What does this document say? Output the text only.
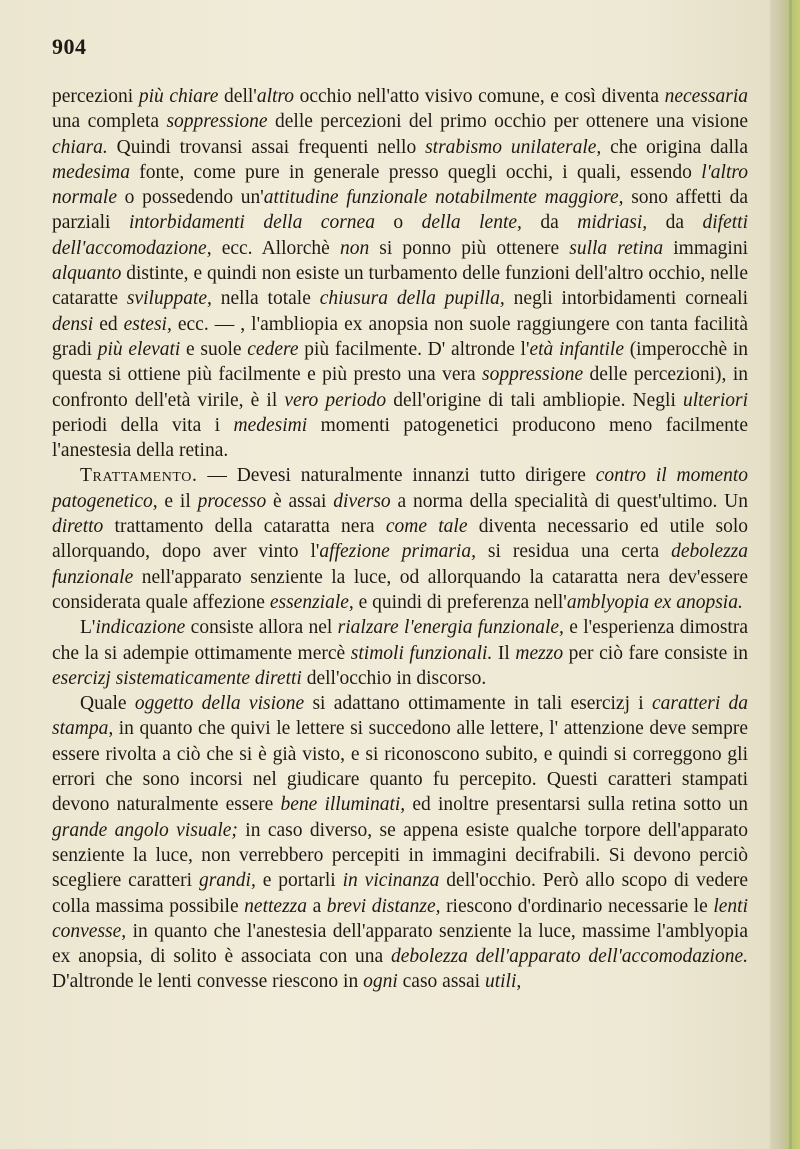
904

percezioni più chiare dell'altro occhio nell'atto visivo comune, e così diventa necessaria una completa soppressione delle percezioni del primo occhio per ottenere una visione chiara. Quindi trovansi assai frequenti nello strabismo unilaterale, che origina dalla medesima fonte, come pure in generale presso quegli occhi, i quali, essendo l'altro normale o possedendo un'attitudine funzionale notabilmente maggiore, sono affetti da parziali intorbidamenti della cornea o della lente, da midriasi, da difetti dell'accomodazione, ecc. Allorchè non si ponno più ottenere sulla retina immagini alquanto distinte, e quindi non esiste un turbamento delle funzioni dell'altro occhio, nelle cataratte sviluppate, nella totale chiusura della pupilla, negli intorbidamenti corneali densi ed estesi, ecc. — , l'ambliopia ex anopsia non suole raggiungere con tanta facilità gradi più elevati e suole cedere più facilmente. D' altronde l'età infantile (imperocchè in questa si ottiene più facilmente e più presto una vera soppressione delle percezioni), in confronto dell'età virile, è il vero periodo dell'origine di tali ambliopie. Negli ulteriori periodi della vita i medesimi momenti patogenetici producono meno facilmente l'anestesia della retina.

Trattamento. — Devesi naturalmente innanzi tutto dirigere contro il momento patogenetico, e il processo è assai diverso a norma della specialità di quest'ultimo. Un diretto trattamento della cataratta nera come tale diventa necessario ed utile solo allorquando, dopo aver vinto l'affezione primaria, si residua una certa debolezza funzionale nell'apparato senziente la luce, od allorquando la cataratta nera dev'essere considerata quale affezione essenziale, e quindi di preferenza nell'amblyopia ex anopsia.

L'indicazione consiste allora nel rialzare l'energia funzionale, e l'esperienza dimostra che la si adempie ottimamente mercè stimoli funzionali. Il mezzo per ciò fare consiste in esercizj sistematicamente diretti dell'occhio in discorso.

Quale oggetto della visione si adattano ottimamente in tali esercizj i caratteri da stampa, in quanto che quivi le lettere si succedono alle lettere, l' attenzione deve sempre essere rivolta a ciò che si è già visto, e si riconoscono subito, e quindi si correggono gli errori che sono incorsi nel giudicare quanto fu percepito. Questi caratteri stampati devono naturalmente essere bene illuminati, ed inoltre presentarsi sulla retina sotto un grande angolo visuale; in caso diverso, se appena esiste qualche torpore dell'apparato senziente la luce, non verrebbero percepiti in immagini decifrabili. Si devono perciò scegliere caratteri grandi, e portarli in vicinanza dell'occhio. Però allo scopo di vedere colla massima possibile nettezza a brevi distanze, riescono d'ordinario necessarie le lenti convesse, in quanto che l'anestesia dell'apparato senziente la luce, massime l'amblyopia ex anopsia, di solito è associata con una debolezza dell'apparato dell'accomodazione. D'altronde le lenti convesse riescono in ogni caso assai utili,
